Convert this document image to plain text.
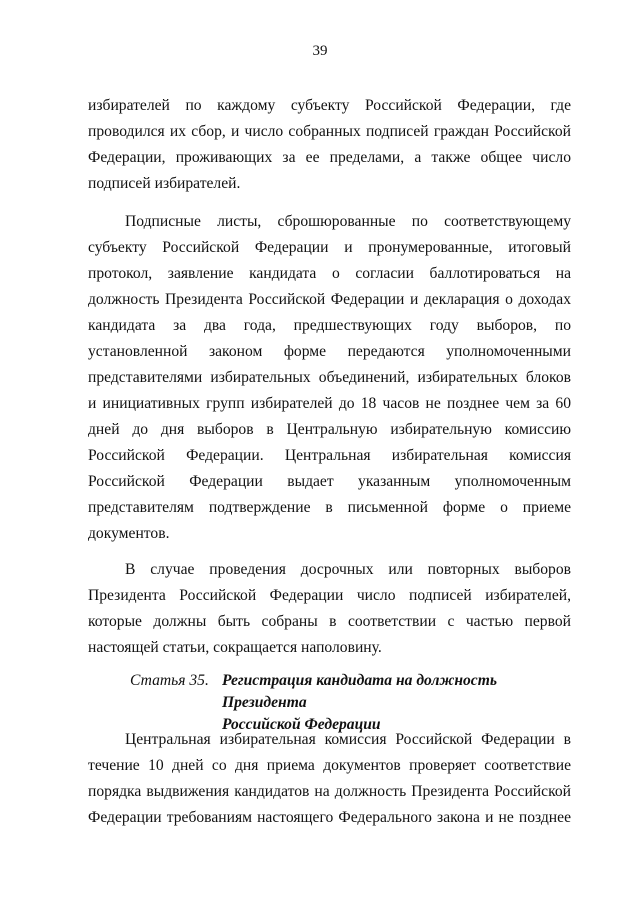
39
избирателей по каждому субъекту Российской Федерации, где
проводился их сбор, и число собранных подписей граждан Российской
Федерации, проживающих за ее пределами, а также общее число
подписей избирателей.
Подписные листы, сброшюрованные по соответствующему
субъекту Российской Федерации и пронумерованные, итоговый
протокол, заявление кандидата о согласии баллотироваться на
должность Президента Российской Федерации и декларация о доходах
кандидата за два года, предшествующих году выборов, по
установленной законом форме передаются уполномоченными
представителями избирательных объединений, избирательных блоков
и инициативных групп избирателей до 18 часов не позднее чем за 60
дней до дня выборов в Центральную избирательную комиссию
Российской Федерации. Центральная избирательная комиссия
Российской Федерации выдает указанным уполномоченным
представителям подтверждение в письменной форме о приеме
документов.
В случае проведения досрочных или повторных выборов
Президента Российской Федерации число подписей избирателей,
которые должны быть собраны в соответствии с частью первой
настоящей статьи, сокращается наполовину.
Статья 35. Регистрация кандидата на должность Президента
Российской Федерации
Центральная избирательная комиссия Российской Федерации в
течение 10 дней со дня приема документов проверяет соответствие
порядка выдвижения кандидатов на должность Президента Российской
Федерации требованиям настоящего Федерального закона и не позднее
